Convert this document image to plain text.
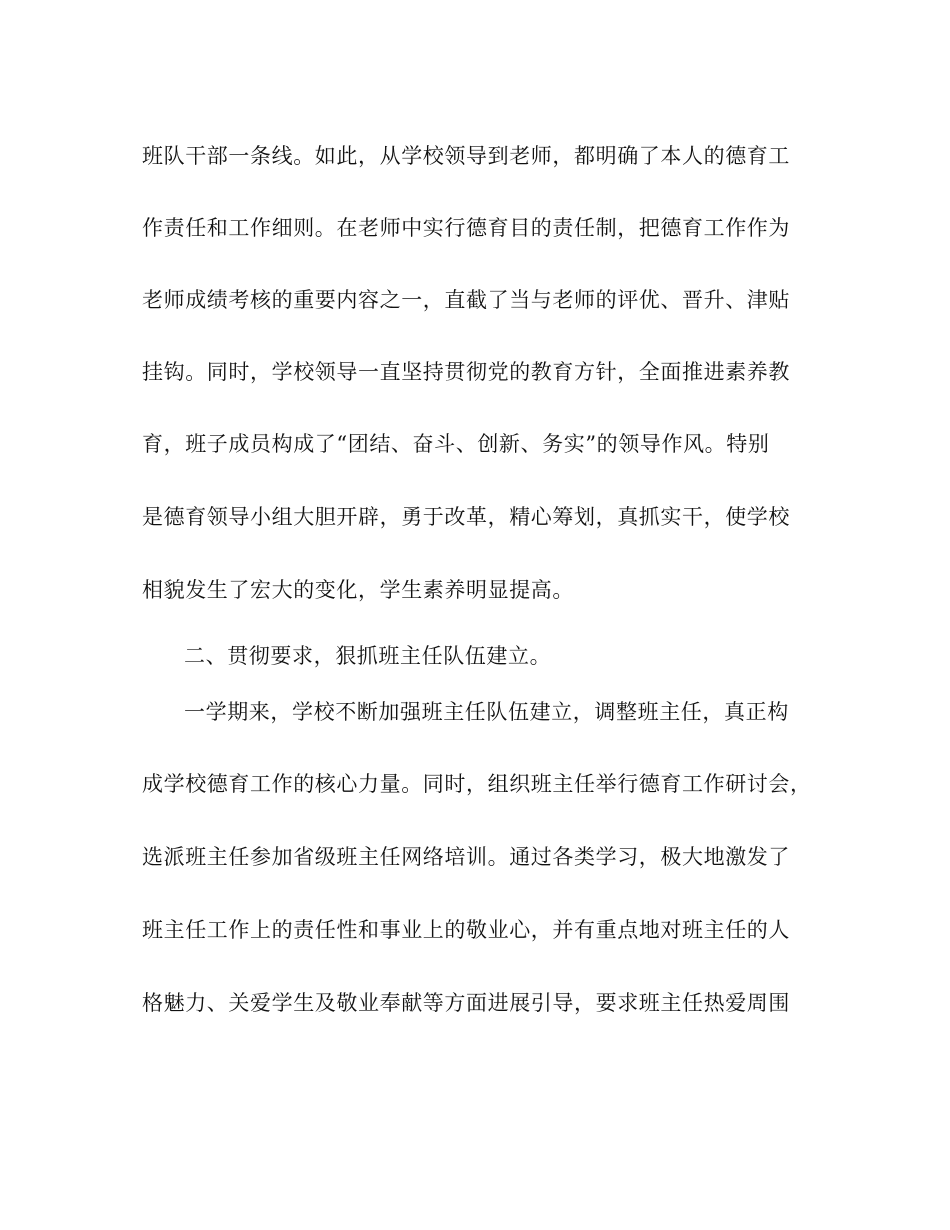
班队干部一条线。如此，从学校领导到老师，都明确了本人的德育工
作责任和工作细则。在老师中实行德育目的责任制，把德育工作作为
老师成绩考核的重要内容之一，直截了当与老师的评优、晋升、津贴
挂钩。同时，学校领导一直坚持贯彻党的教育方针，全面推进素养教
育，班子成员构成了“团结、奋斗、创新、务实”的领导作风。特别
是德育领导小组大胆开辟，勇于改革，精心筹划，真抓实干，使学校
相貌发生了宏大的变化，学生素养明显提高。
二、贯彻要求，狠抓班主任队伍建立。
一学期来，学校不断加强班主任队伍建立，调整班主任，真正构
成学校德育工作的核心力量。同时，组织班主任举行德育工作研讨会，
选派班主任参加省级班主任网络培训。通过各类学习，极大地激发了
班主任工作上的责任性和事业上的敬业心，并有重点地对班主任的人
格魅力、关爱学生及敬业奉献等方面进展引导，要求班主任热爱周围
